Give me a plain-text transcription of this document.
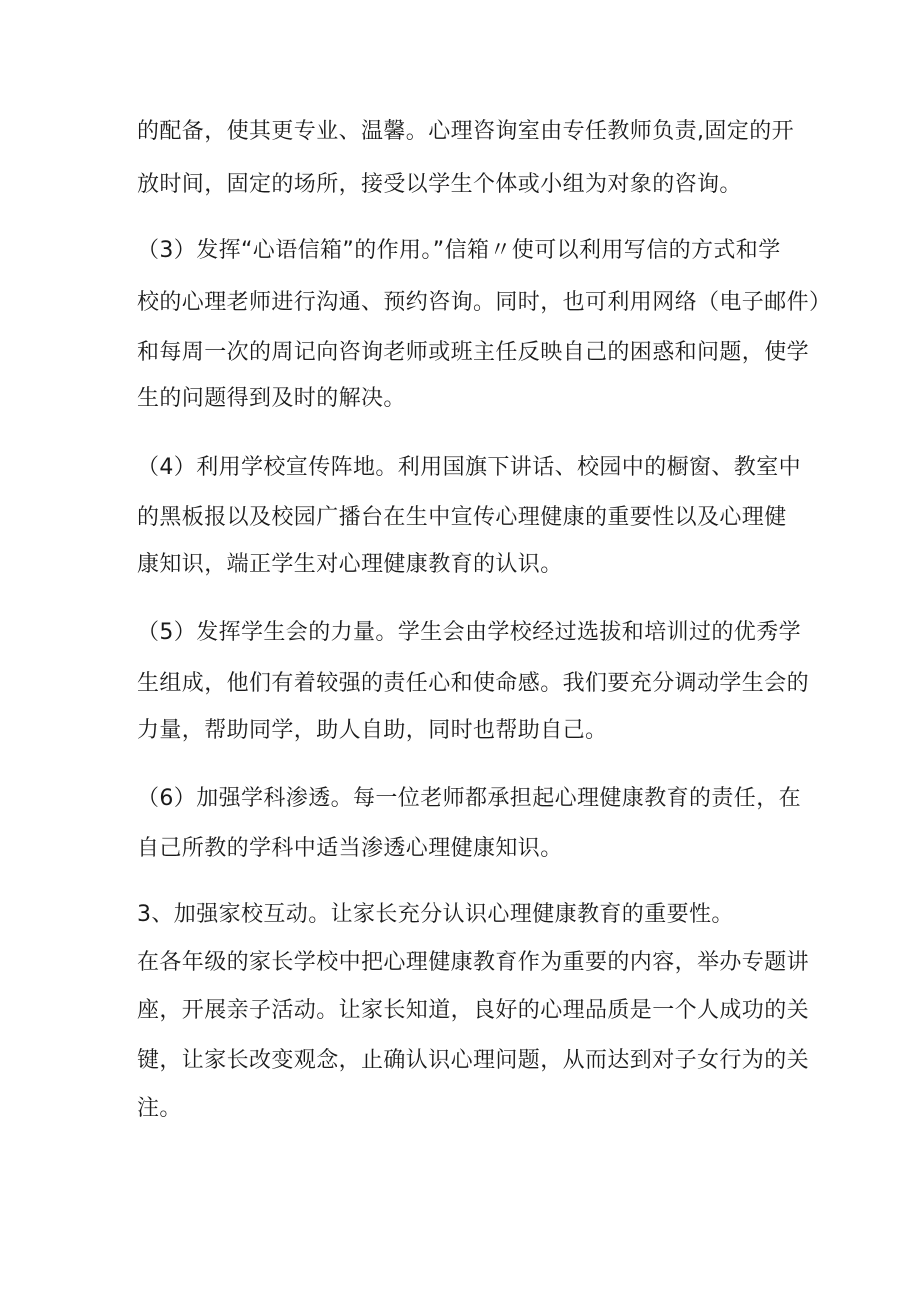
的配备，使其更专业、温馨。心理咨询室由专任教师负责,固定的开
放时间，固定的场所，接受以学生个体或小组为对象的咨询。
（3）发挥“心语信箱”的作用。”信箱〃使可以利用写信的方式和学
校的心理老师进行沟通、预约咨询。同时，也可利用网络（电子邮件）
和每周一次的周记向咨询老师或班主任反映自己的困惑和问题，使学
生的问题得到及时的解决。
（4）利用学校宣传阵地。利用国旗下讲话、校园中的橱窗、教室中
的黑板报以及校园广播台在生中宣传心理健康的重要性以及心理健
康知识，端正学生对心理健康教育的认识。
（5）发挥学生会的力量。学生会由学校经过选拔和培训过的优秀学
生组成，他们有着较强的责任心和使命感。我们要充分调动学生会的
力量，帮助同学，助人自助，同时也帮助自己。
（6）加强学科渗透。每一位老师都承担起心理健康教育的责任，在
自己所教的学科中适当渗透心理健康知识。
3、加强家校互动。让家长充分认识心理健康教育的重要性。
在各年级的家长学校中把心理健康教育作为重要的内容，举办专题讲
座，开展亲子活动。让家长知道，良好的心理品质是一个人成功的关
键，让家长改变观念，止确认识心理问题，从而达到对子女行为的关
注。
